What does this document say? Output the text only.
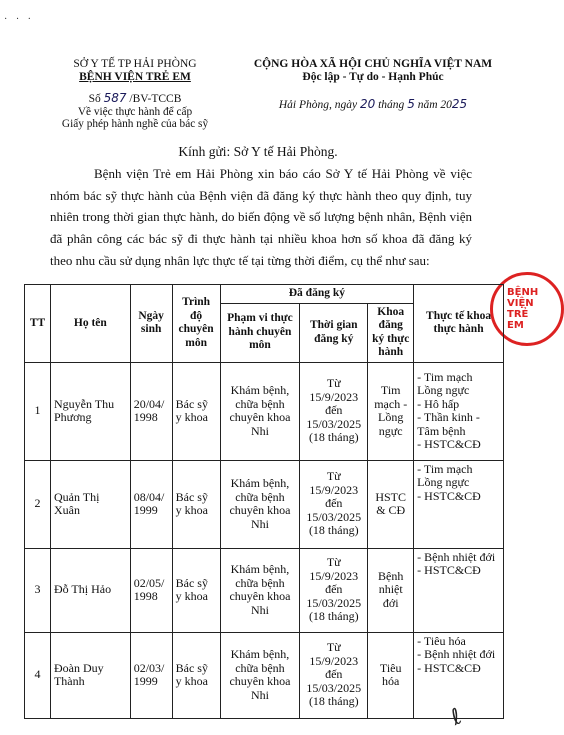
· · ·
SỞ Y TẾ TP HẢI PHÒNG
BỆNH VIỆN TRẺ EM
Số 587 /BV-TCCB
Về việc thực hành để cấp
Giấy phép hành nghề của bác sỹ
CỘNG HÒA XÃ HỘI CHỦ NGHĨA VIỆT NAM
Độc lập - Tự do - Hạnh Phúc
Hải Phòng, ngày 20 tháng 5 năm 2025
Kính gửi: Sở Y tế Hải Phòng.
Bệnh viện Trẻ em Hải Phòng xin báo cáo Sở Y tế Hải Phòng về việc nhóm bác sỹ thực hành của Bệnh viện đã đăng ký thực hành theo quy định, tuy nhiên trong thời gian thực hành, do biến động về số lượng bệnh nhân, Bệnh viện đã phân công các bác sỹ đi thực hành tại nhiều khoa hơn số khoa đã đăng ký theo nhu cầu sử dụng nhân lực thực tế tại từng thời điểm, cụ thể như sau:
BỆNH VIỆN TRẺ EM
TT	Họ tên	Ngày sinh	Trình độ chuyên môn	Đã đăng ký			Thực tế khoa thực hành
				Phạm vi thực hành chuyên môn	Thời gian đăng ký	Khoa đăng ký thực hành	
1	Nguyễn Thu Phương	20/04/ 1998	Bác sỹ y khoa	Khám bệnh, chữa bệnh chuyên khoa Nhi	Từ 15/9/2023 đến 15/03/2025 (18 tháng)	Tim mạch - Lồng ngực	- Tim mạch Lồng ngực
- Hô hấp
- Thần kinh - Tâm bệnh
- HSTC&CĐ

2	Quản Thị Xuân	08/04/ 1999	Bác sỹ y khoa	Khám bệnh, chữa bệnh chuyên khoa Nhi	Từ 15/9/2023 đến 15/03/2025 (18 tháng)	HSTC & CĐ	- Tim mạch Lồng ngực
- HSTC&CĐ

3	Đỗ Thị Hảo	02/05/ 1998	Bác sỹ y khoa	Khám bệnh, chữa bệnh chuyên khoa Nhi	Từ 15/9/2023 đến 15/03/2025 (18 tháng)	Bệnh nhiệt đới	- Bệnh nhiệt đới
- HSTC&CĐ

4	Đoàn Duy Thành	02/03/ 1999	Bác sỹ y khoa	Khám bệnh, chữa bệnh chuyên khoa Nhi	Từ 15/9/2023 đến 15/03/2025 (18 tháng)	Tiêu hóa	- Tiêu hóa
- Bệnh nhiệt đới
- HSTC&CĐ
ℓ
